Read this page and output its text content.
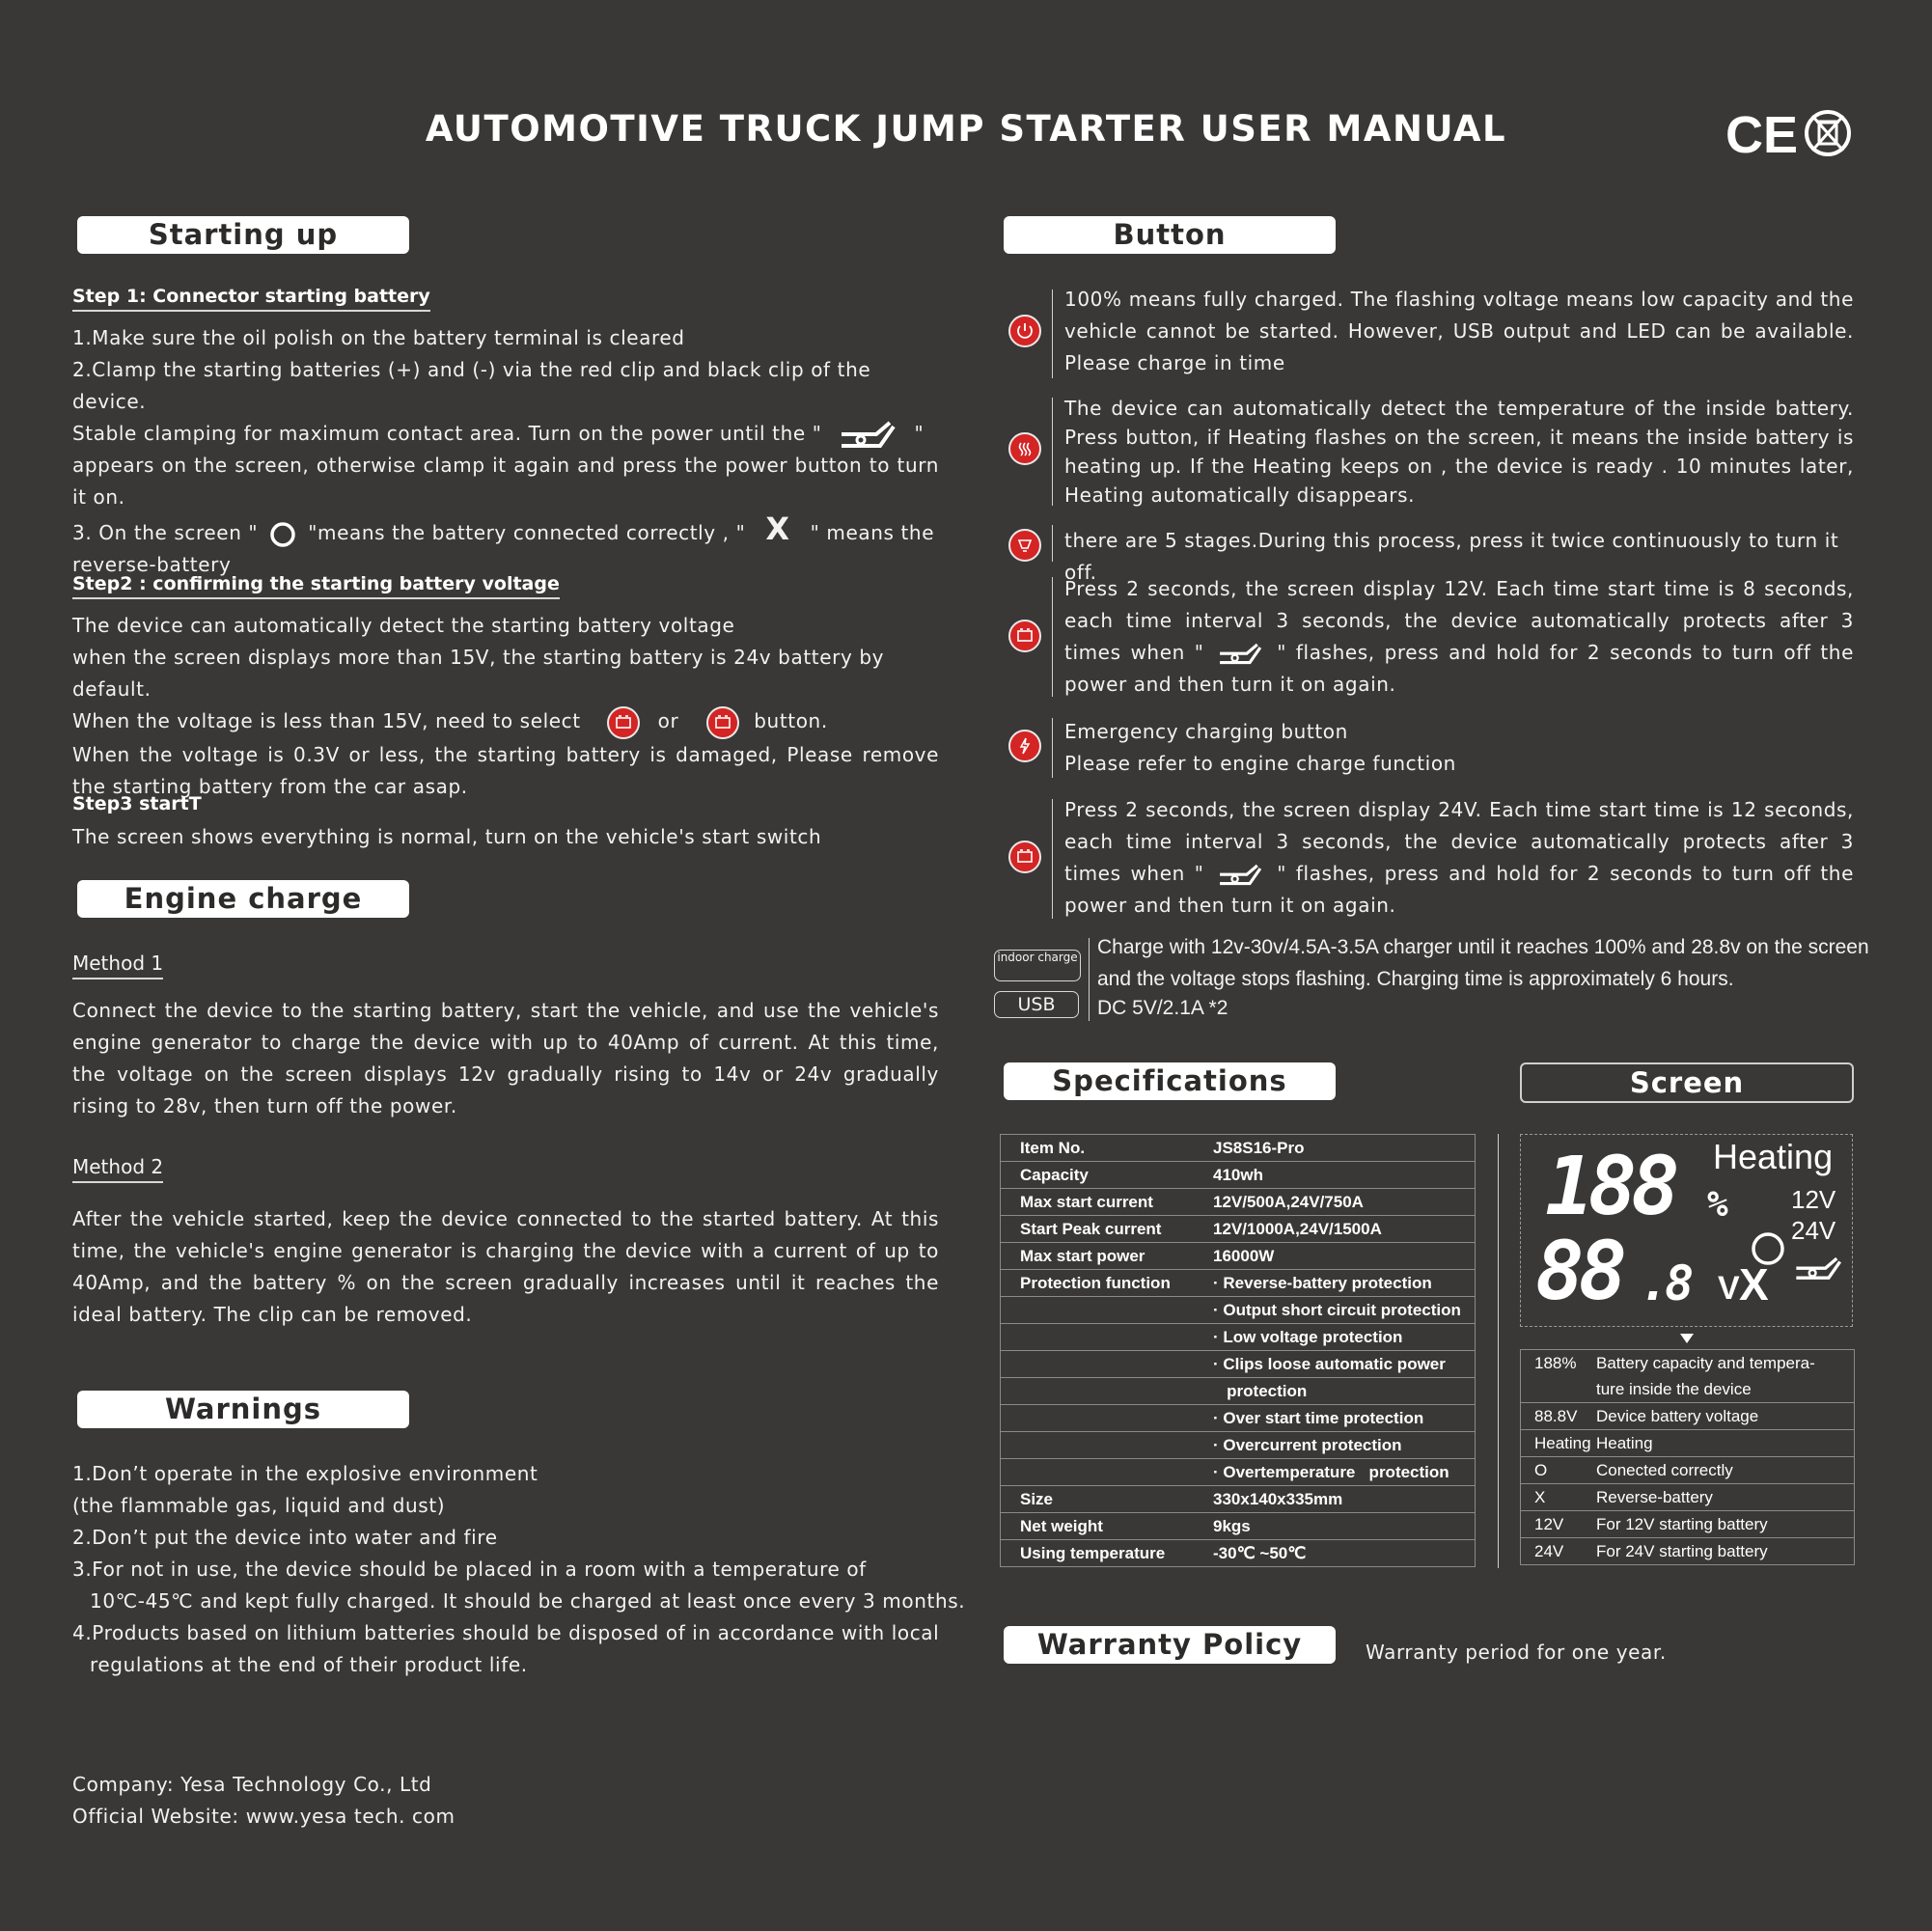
AUTOMOTIVE TRUCK JUMP STARTER USER MANUAL	CE
Starting up
Step 1: Connector starting battery
1.Make sure the oil polish on the battery terminal is cleared
2.Clamp the starting batteries (+) and (-) via the red clip and black clip of the device.
Stable clamping for maximum contact area. Turn on the power until the "	"
appears on the screen, otherwise clamp it again and press the power button to turn it on.
3. On the screen "	"means the battery connected correctly , " X " means the reverse-battery
Step2 : confirming the starting battery voltage
The device can automatically detect the starting battery voltage
when the screen displays more than 15V, the starting battery is 24v battery by default.
When the voltage is less than 15V, need to select	or	button.
When the voltage is 0.3V or less, the starting battery is damaged, Please remove the starting battery from the car asap.
Step3 startT
The screen shows everything is normal, turn on the vehicle's start switch
Engine charge
Method 1
Connect the device to the starting battery, start the vehicle, and use the vehicle's engine generator to charge the device with up to 40Amp of current. At this time, the voltage on the screen displays 12v gradually rising to 14v or 24v gradually rising to 28v, then turn off the power.
Method 2
After the vehicle started, keep the device connected to the started battery. At this time, the vehicle's engine generator is charging the device with a current of up to 40Amp, and the battery % on the screen gradually increases until it reaches the ideal battery. The clip can be removed.
Warnings
1.Don’t operate in the explosive environment
(the flammable gas, liquid and dust)
2.Don’t put the device into water and fire
3.For not in use, the device should be placed in a room with a temperature of
10℃-45℃ and kept fully charged. It should be charged at least once every 3 months.
4.Products based on lithium batteries should be disposed of in accordance with local
regulations at the end of their product life.
Company: Yesa Technology Co., Ltd
Official Website: www.yesa tech. com
Button
100% means fully charged. The flashing voltage means low capacity and the vehicle cannot be started. However, USB output and LED can be available. Please charge in time
The device can automatically detect the temperature of the inside battery. Press button, if Heating flashes on the screen, it means the inside battery is heating up. If the Heating keeps on , the device is ready . 10 minutes later, Heating automatically disappears.
there are 5 stages.During this process, press it twice continuously to turn it off.
Press 2 seconds, the screen display 12V. Each time start time is 8 seconds, each time interval 3 seconds, the device automatically protects after 3 times when "	" flashes, press and hold for 2 seconds to turn off the power and then turn it on again.
Emergency charging button
Please refer to engine charge function
Press 2 seconds, the screen display 24V. Each time start time is 12 seconds, each time interval 3 seconds, the device automatically protects after 3 times when "	" flashes, press and hold for 2 seconds to turn off the power and then turn it on again.
indoor charge
USB
Charge with 12v-30v/4.5A-3.5A charger until it reaches 100% and 28.8v on the screen and the voltage stops flashing. Charging time is approximately 6 hours.
DC 5V/2.1A *2
Specifications
Item No.	JS8S16-Pro
Capacity	410wh
Max start current	12V/500A,24V/750A
Start Peak current	12V/1000A,24V/1500A
Max start power	16000W
Protection function	· Reverse-battery protection
	· Output short circuit protection
	· Low voltage protection
	· Clips loose automatic power
	protection
	· Over start time protection
	· Overcurrent protection
	· Overtemperature   protection
Size	330x140x335mm
Net weight	9kgs
Using temperature	-30℃ ~50℃
Screen
188 %
Heating
12V
24V
88 .8 V X
188%	Battery capacity and tempera-
	ture inside the device
88.8V	Device battery voltage
Heating	Heating
O	Conected correctly
X	Reverse-battery
12V	For 12V starting battery
24V	For 24V starting battery
Warranty Policy	Warranty period for one year.
